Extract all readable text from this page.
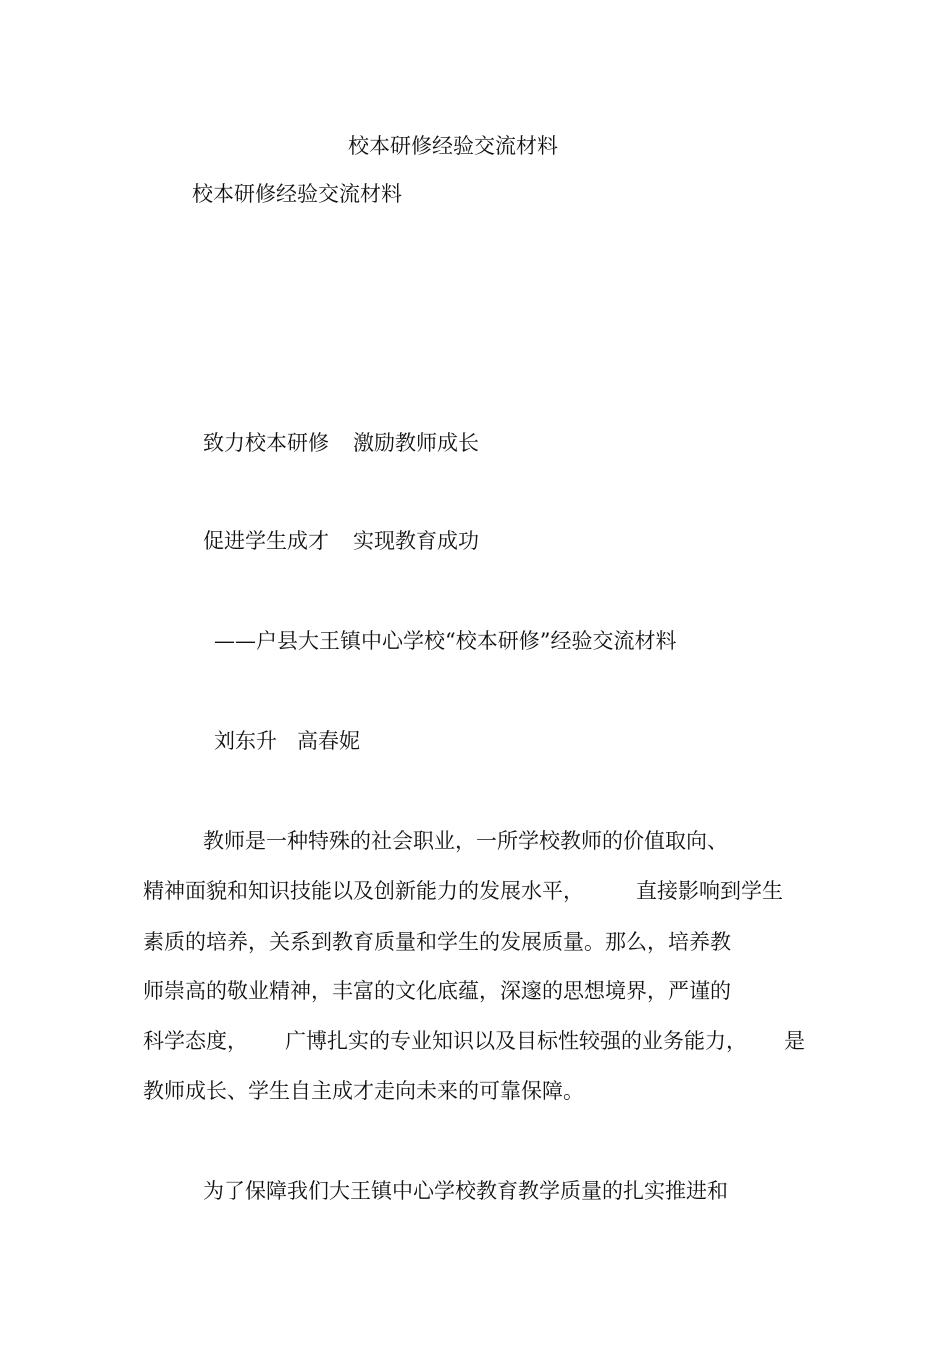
校本研修经验交流材料
校本研修经验交流材料
致力校本研修 激励教师成长
促进学生成才 实现教育成功
——户县大王镇中心学校“校本研修”经验交流材料
刘东升 高春妮
教师是一种特殊的社会职业，一所学校教师的价值取向、
精神面貌和知识技能以及创新能力的发展水平， 直接影响到学生
素质的培养，关系到教育质量和学生的发展质量。那么，培养教
师崇高的敬业精神，丰富的文化底蕴，深邃的思想境界，严谨的
科学态度， 广博扎实的专业知识以及目标性较强的业务能力， 是
教师成长、学生自主成才走向未来的可靠保障。
为了保障我们大王镇中心学校教育教学质量的扎实推进和
